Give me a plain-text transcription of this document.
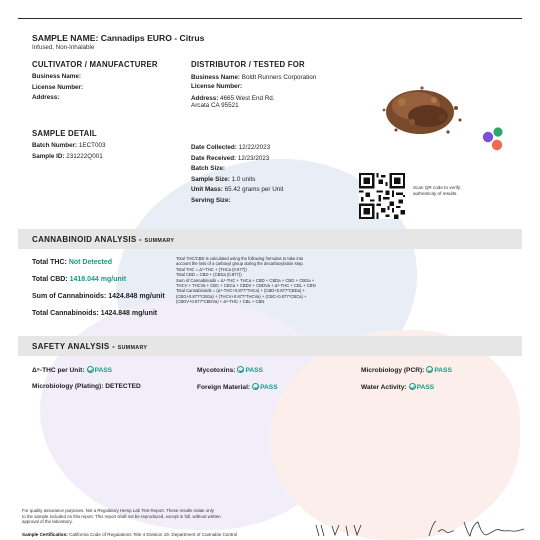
SAMPLE NAME: Cannadips EURO - Citrus
Infused, Non-Inhalable
CULTIVATOR / MANUFACTURER
Business Name:
License Number:
Address:
DISTRIBUTOR / TESTED FOR
Business Name: Boldt Runners Corporation
License Number:
Address: 4665 West End Rd.
Arcata CA 95521
SAMPLE DETAIL
Batch Number: 1ECT003
Sample ID: 231222Q001
Date Collected: 12/22/2023
Date Received: 12/23/2023
Batch Size:
Sample Size: 1.0 units
Unit Mass: 65.42 grams per Unit
Serving Size:
Scan QR code to verify authenticity of results.
CANNABINOID ANALYSIS - SUMMARY
Total THC: Not Detected
Total CBD: 1418.044 mg/unit
Sum of Cannabinoids: 1424.848 mg/unit
Total Cannabinoids: 1424.848 mg/unit
Total THC/CBD is calculated using the following formulas to take into
account the loss of a carboxyl group during the decarboxylation step.
Total THC = Δ⁹-THC + (THCa (0.877))
Total CBD = CBD + (CBDa (0.877))
Sum of Cannabinoids = Δ⁹-THC + THCa + CBD + CBDa + CBG + CBGa +
THCV + THCVa + CBC + CBCa + CBDV + CBDVa + Δ⁸-THC + CBL + CBN
Total Cannabinoids = (Δ⁹-THC+0.877*THCa) + (CBD+0.877*CBDa) +
(CBG+0.877*CBGa) + (THCV+0.877*THCVa) + (CBC+0.877*CBCa) +
(CBDV+0.877*CBDVa) + Δ⁸-THC + CBL + CBN
SAFETY ANALYSIS - SUMMARY
Δ⁹-THC per Unit: PASS	Mycotoxins: PASS	Microbiology (PCR): PASS
Microbiology (Plating): DETECTED	Foreign Material: PASS	Water Activity: PASS
For quality assurance purposes. Not a Regulatory Hemp Lab Test Report. These results relate only
to the sample included on this report. This report shall not be reproduced, except in full, without written
approval of the laboratory.
Sample Certification: California Code of Regulations Title 4 Division 19. Department of Cannabis Control
